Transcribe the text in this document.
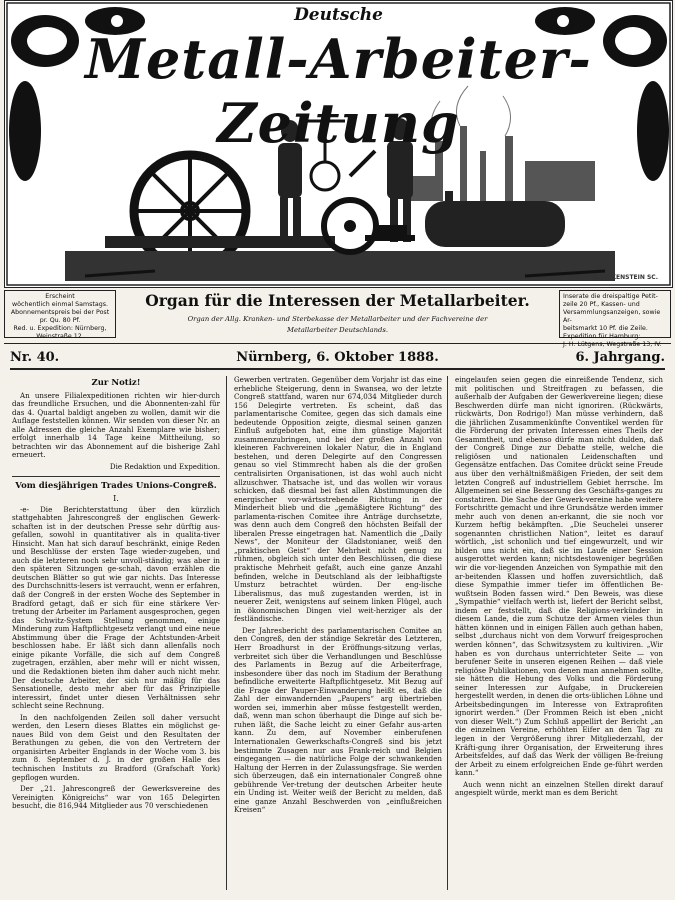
Deutsche
Metall-Arbeiter-Zeitung
F.FALKENSTEIN SC.
Erscheint
wöchentlich einmal Samstags.
Abonnementspreis bei der Post
pr. Qu. 80 Pf.
Red. u. Expedition: Nürnberg,
Weinstraße 12.
Organ für die Interessen der Metallarbeiter.
Organ der Allg. Kranken- und Sterbekasse der Metallarbeiter und der Fachvereine der
Metallarbeiter Deutschlands.
Inserate die dreispaltige Petit-
zeile 20 Pf., Kassen- und
Versammlungsanzeigen, sowie Ar-
beitsmarkt 10 Pf. die Zeile.
Expedition für Hamburg:
J. H. Lütgens, Wegstraße 13, IV.
Nr. 40.	Nürnberg, 6. Oktober 1888.	6. Jahrgang.
Zur Notiz!

An unsere Filialexpeditionen richten wir hier-durch das freundliche Ersuchen, und die Abonnenten-zahl für das 4. Quartal baldigt angeben zu wollen, damit wir die Auflage feststellen können. Wir senden von dieser Nr. an alle Adressen die gleiche Anzahl Exemplare wie bisher; erfolgt innerhalb 14 Tage keine Mittheilung, so betrachten wir das Abonnement auf die bisherige Zahl erneuert.

Die Redaktion und Expedition.

Vom diesjährigen Trades Unions-Congreß.
I.

-e- Die Berichterstattung über den kürzlich stattgehabten Jahrescongreß der englischen Gewerk-schaften ist in der deutschen Presse sehr dürftig aus-gefallen, sowohl in quantitativer als in qualita-tiver Hinsicht. Man hat sich darauf beschränkt, einige Reden und Beschlüsse der ersten Tage wieder-zugeben, und auch die letzteren noch sehr unvoll-ständig; was aber in den späteren Sitzungen ge-schah, davon erzählen die deutschen Blätter so gut wie gar nichts. Das Interesse des Durchschnitts-lesers ist verraucht, wenn er erfahren, daß der Congreß in der ersten Woche des September in Bradford getagt, daß er sich für eine stärkere Ver-tretung der Arbeiter im Parlament ausgesprochen, gegen das Schwitz-System Stellung genommen, einige Minderung zum Haftpflichtgesetz verlangt und eine neue Abstimmung über die Frage der Achtstunden-Arbeit beschlossen habe. Er läßt sich dann allenfalls noch einige pikante Vorfälle, die sich auf dem Congreß zugetragen, erzählen, aber mehr will er nicht wissen, und die Redaktionen bieten ihm daher auch nicht mehr. Der deutsche Arbeiter, der sich nur mäßig für das Sensationelle, desto mehr aber für das Prinzipielle interessirt, findet unter diesen Verhältnissen sehr schlecht seine Rechnung.

In den nachfolgenden Zeilen soll daher versucht werden, den Lesern dieses Blattes ein möglichst ge-naues Bild von dem Geist und den Resultaten der Berathungen zu geben, die von den Vertretern der organisirten Arbeiter Englands in der Woche vom 3. bis zum 8. September d. J. in der großen Halle des technischen Instituts zu Bradford (Grafschaft York) gepflogen wurden.

Der „21. Jahrescongreß der Gewerksvereine des Vereinigten Königreichs“ war von 165 Delegirten besucht, die 816,944 Mitglieder aus 70 verschiedenen

Gewerben vertraten. Gegenüber dem Vorjahr ist das eine erhebliche Steigerung, denn in Swansea, wo der letzte Congreß stattfand, waren nur 674,034 Mitglieder durch 156 Delegirte vertreten. Es scheint, daß das parlamentarische Comitee, gegen das sich damals eine bedeutende Opposition zeigte, diesmal seinen ganzen Einfluß aufgeboten hat, eine ihm günstige Majorität zusammenzubringen, und bei der großen Anzahl von kleineren Fachvereinen lokaler Natur, die in England bestehen, und deren Delegirte auf den Congressen genau so viel Stimmrecht haben als die der großen centralisirten Organisationen, ist das wohl auch nicht allzuschwer. Thatsache ist, und das wollen wir voraus schicken, daß diesmal bei fast allen Abstimmungen die energischer vor-wärtsstrebende Richtung in der Minderheit blieb und die „gemäßigtere Richtung“ des parlamenta-rischen Comitee ihre Anträge durchsetzte, was denn auch dem Congreß den höchsten Beifall der liberalen Presse eingetragen hat. Namentlich die „Daily News“, der Moniteur der Gladstonianer, weiß den „praktischen Geist“ der Mehrheit nicht genug zu rühmen, obgleich sich unter den Beschlüssen, die diese praktische Mehrheit gefaßt, auch eine ganze Anzahl befinden, welche in Deutschland als der leibhaftigste Umsturz betrachtet würden. Der eng-lische Liberalismus, das muß zugestanden werden, ist in neuerer Zeit, wenigstens auf seinem linken Flügel, auch in ökonomischen Dingen viel weit-herziger als der festländische.

Der Jahresbericht des parlamentarischen Comitee an den Congreß, den der ständige Sekretär des Letzteren, Herr Broadhurst in der Eröffnungs-sitzung verlas, verbreitet sich über die Verhandlungen und Beschlüsse des Parlaments in Bezug auf die Arbeiterfrage, insbesondere über das noch im Stadium der Berathung befindliche erweiterte Haftpflichtgesetz. Mit Bezug auf die Frage der Pauper-Einwanderung heißt es, daß die Zahl der einwandernden „Paupers“ arg übertrieben worden sei, immerhin aber müsse festgestellt werden, daß, wenn man schon überhaupt die Dinge auf sich be-ruhen läßt, die Sache leicht zu einer Gefahr aus-arten kann. Zu dem, auf November einberufenen Internationalen Gewerkschafts-Congreß sind bis jetzt bestimmte Zusagen nur aus Frank-reich und Belgien eingegangen — die natürliche Folge der schwankenden Haltung der Herren in der Zulassungsfrage. Sie werden sich überzeugen, daß ein internationaler Congreß ohne gebührende Ver-tretung der deutschen Arbeiter heute ein Unding ist. Weiter weiß der Bericht zu melden, daß eine ganze Anzahl Beschwerden von „einflußreichen Kreisen“

eingelaufen seien gegen die einreißende Tendenz, sich mit politischen und Streitfragen zu befassen, die außerhalb der Aufgaben der Gewerkvereine liegen; diese Beschwerden dürfe man nicht ignoriren. (Rückwärts, rückwärts, Don Rodrigo!) Man müsse verhindern, daß die jährlichen Zusammenkünfte Conventikel werden für die Förderung der privaten Interessen eines Theils der Gesammtheit, und ebenso dürfe man nicht dulden, daß der Congreß Dinge zur Debatte stelle, welche die religiösen und nationalen Leidenschaften und Gegensätze entfachen. Das Comitee drückt seine Freude aus über den verhältnißmäßigen Frieden, der seit dem letzten Congreß auf industriellem Gebiet herrsche. Im Allgemeinen sei eine Besserung des Geschäfts-ganges zu constatiren. Die Sache der Gewerk-vereine habe weitere Fortschritte gemacht und ihre Grundsätze werden immer mehr auch von denen an-erkannt, die sie noch vor Kurzem heftig bekämpften. „Die Seuchelei unserer sogenannten christlichen Nation“, leitet es darauf wörtlich, „ist schonlich und tief eingewurzelt, und wir bilden uns nicht ein, daß sie im Laufe einer Session ausgerottet werden kann; nichtsdestoweniger begrüßen wir die vor-liegenden Anzeichen von Sympathie mit den ar-beitenden Klassen und hoffen zuversichtlich, daß diese Sympathie immer tiefer im öffentlichen Be-wußtsein Boden fassen wird.“ Den Beweis, was diese „Sympathie“ vielfach werth ist, liefert der Bericht selbst, indem er feststellt, daß die Religions-verkünder in diesem Lande, die zum Schutze der Armen vieles thun hätten können und in einigen Fällen auch gethan haben, selbst „durchaus nicht von dem Vorwurf freigesprochen werden können“, das Schwitzsystem zu kultiviren. „Wir haben es von durchaus unterrichteter Seite — von berufener Seite in unseren eigenen Reihen — daß viele religiöse Publikationen, von denen man annehmen sollte, sie hätten die Hebung des Volks und die Förderung seiner Interessen zur Aufgabe, in Druckereien hergestellt werden, in denen die orts-üblichen Löhne und Arbeitsbedingungen im Interesse von Extraprofiten ignorirt werden.“ (Der Frommen Reich ist eben „nicht von dieser Welt.“) Zum Schluß appellirt der Bericht „an die einzelnen Vereine, erhöhten Eifer an den Tag zu legen in der Vergrößerung ihrer Mitgliederzahl, der Kräfti-gung ihrer Organisation, der Erweiterung ihres Arbeitsfeldes, auf daß das Werk der völligen Be-freiung der Arbeit zu einem erfolgreichen Ende ge-führt werden kann.“

Auch wenn nicht an einzelnen Stellen direkt darauf angespielt würde, merkt man es dem Bericht
